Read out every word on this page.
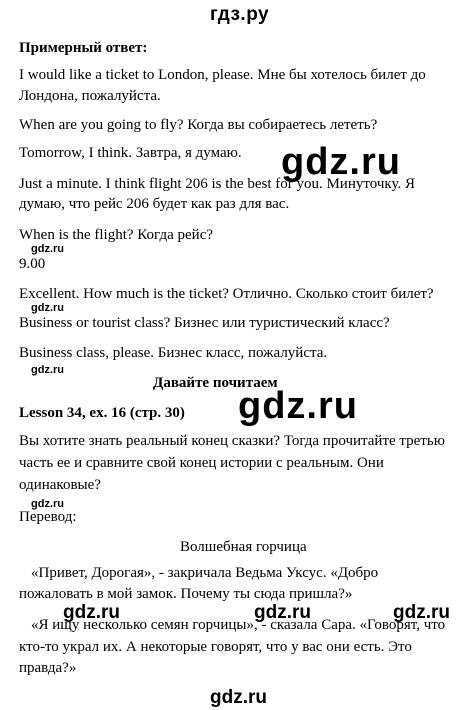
гдз.ру
Примерный ответ:
I would like a ticket to London, please. Мне бы хотелось билет до
Лондона, пожалуйста.
When are you going to fly? Когда вы собираетесь лететь?
Tomorrow, I think. Завтра, я думаю. gdz.ru
Just a minute. I think flight 206 is the best for you. Минуточку. Я
думаю, что рейс 206 будет как раз для вас.
When is the flight? Когда рейс?
gdz.ru
9.00
Excellent. How much is the ticket? Отлично. Сколько стоит билет?
gdz.ru
Business or tourist class? Бизнес или туристический класс?
Business class, please. Бизнес класс, пожалуйста.
gdz.ru
Давайте почитаем
Lesson 34, ex. 16 (стр. 30) gdz.ru
Вы хотите знать реальный конец сказки? Тогда прочитайте третью
часть ее и сравните свой конец истории с реальным. Они
одинаковые?
gdz.ru
Перевод:
Волшебная горчица
«Привет, Дорогая», - закричала Ведьма Уксус. «Добро
пожаловать в мой замок. Почему ты сюда пришла?»
gdz.ru	gdz.ru	gdz.ru
«Я ищу несколько семян горчицы», - сказала Сара. «Говорят, что
кто-то украл их. А некоторые говорят, что у вас они есть. Это
правда?»
gdz.ru
